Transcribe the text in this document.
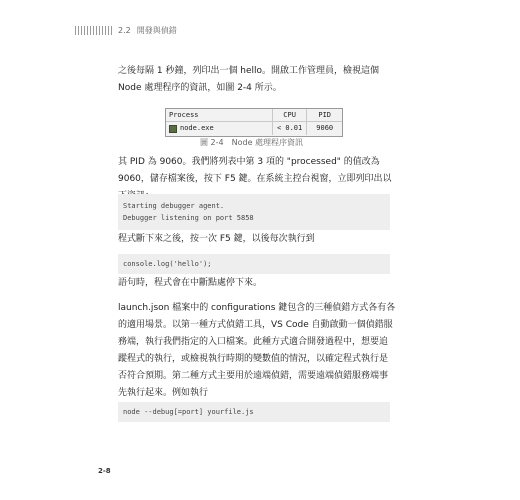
2.2 開發與偵錯

之後每隔 1 秒鐘，列印出一個 hello。開啟工作管理員，檢視這個 Node 處理程序的資訊，如圖 2-4 所示。

Process	CPU	PID
node.exe	< 0.01	9060
圖 2-4　Node 處理程序資訊

其 PID 為 9060。我們將列表中第 3 項的 "processed" 的值改為 9060，儲存檔案後，按下 F5 鍵。在系統主控台視窗，立即列印出以

Starting debugger agent.
Debugger listening on port 5858

程式斷下來之後，按一次 F5 鍵，以後每次執行到

console.log('hello');

語句時，程式會在中斷點處停下來。

launch.json 檔案中的 configurations 鍵包含的三種偵錯方式各有各的適用場景。以第一種方式偵錯工具，VS Code 自動啟動一個偵錯服務端，執行我們指定的入口檔案。此種方式適合開發過程中，想要追蹤程式的執行，或檢視執行時期的變數值的情況，以確定程式執行是否符合預期。第二種方式主要用於遠端偵錯，需要遠端偵錯服務端事先執行起來。例如執行

node --debug[=port] yourfile.js
2-8
